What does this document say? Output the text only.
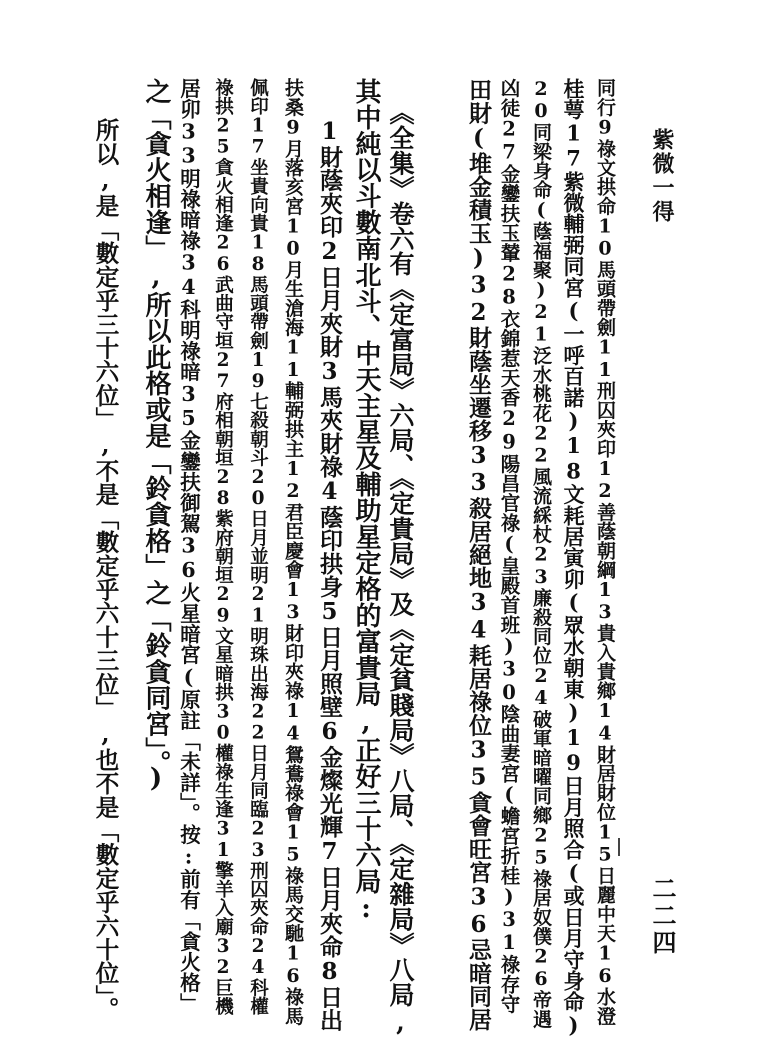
紫微一得
二二四
同行9祿文拱命10馬頭帶劍11刑囚夾印12善蔭朝綱13貴入貴鄉14財居財位15日麗中天16水澄
桂萼17紫微輔弼同宮(一呼百諾)18文耗居寅卯(眾水朝東)19日月照合(或日月守身命)
20同梁身命(蔭福聚)21泛水桃花22風流綵杖23廉殺同位24破軍暗曜同鄉25祿居奴僕26帝遇
凶徒27金鑾扶玉輦28衣錦惹天香29陽昌官祿(皇殿首班)30陰曲妻宮(蟾宮折桂)31祿存守
田財(堆金積玉)32財蔭坐遷移33殺居絕地34耗居祿位35貪會旺宮36忌暗同居
《全集》卷六有《定富局》六局、《定貴局》及《定貧賤局》八局、《定雜局》八局,
其中純以斗數南北斗、中天主星及輔助星定格的富貴局,正好三十六局:
1財蔭夾印2日月夾財3馬夾財祿4蔭印拱身5日月照壁6金燦光輝7日月夾命8日出
扶桑9月落亥宮10月生滄海11輔弼拱主12君臣慶會13財印夾祿14鴛鴦祿會15祿馬交馳16祿馬
佩印17坐貴向貴18馬頭帶劍19七殺朝斗20日月並明21明珠出海22日月同臨23刑囚夾命24科權
祿拱25貪火相逢26武曲守垣27府相朝垣28紫府朝垣29文星暗拱30權祿生逢31擎羊入廟32巨機
居卯33明祿暗祿34科明祿暗35金鑾扶御駕36火星暗宮(原註「未詳」。按:前有「貪火格」
之「貪火相逢」,所以此格或是「鈴貪格」之「鈴貪同宮」。)
所以,是「數定乎三十六位」,不是「數定乎六十三位」,也不是「數定乎六十位」。
